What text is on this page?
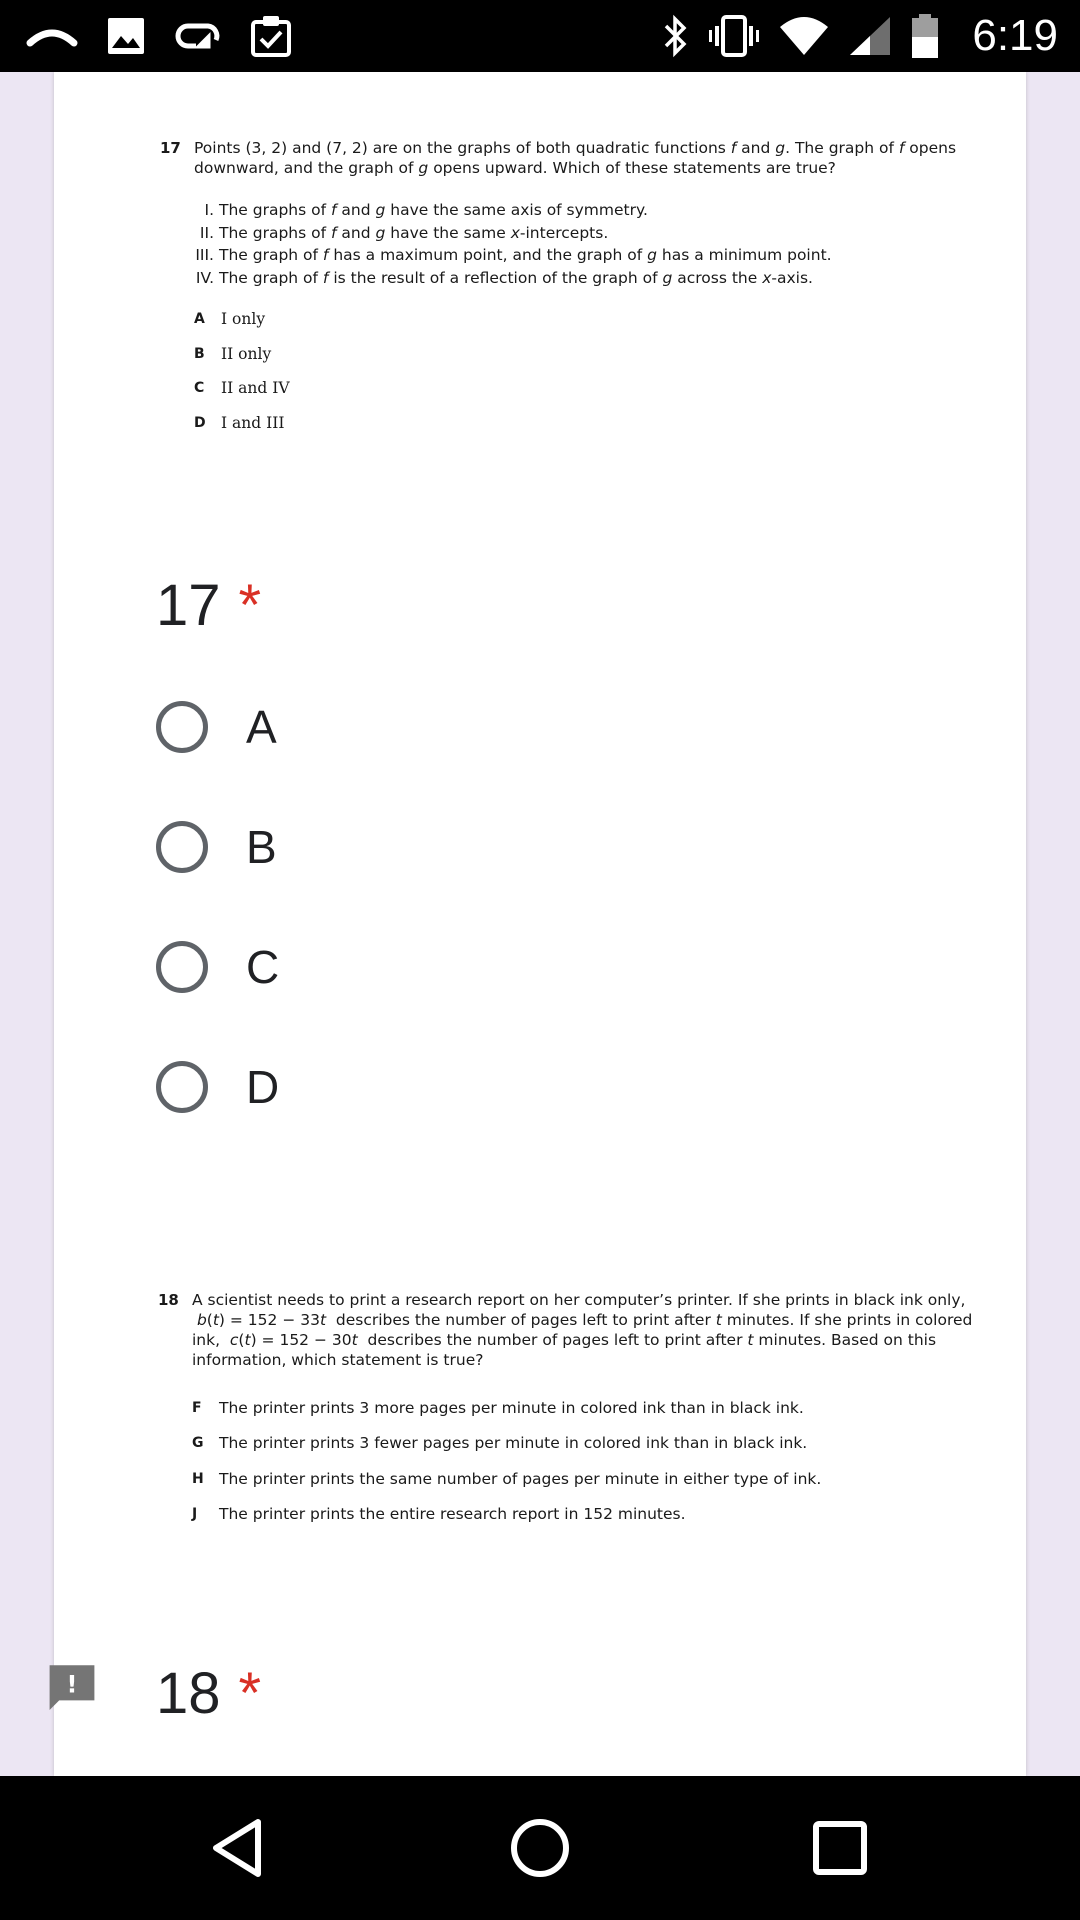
6:19
17 Points (3, 2) and (7, 2) are on the graphs of both quadratic functions f and g. The graph of f opens downward, and the graph of g opens upward. Which of these statements are true?
I. The graphs of f and g have the same axis of symmetry.
II. The graphs of f and g have the same x-intercepts.
III. The graph of f has a maximum point, and the graph of g has a minimum point.
IV. The graph of f is the result of a reflection of the graph of g across the x-axis.
A	I only
B	II only
C	II and IV
D I and III
17 *
A
B
C
D
18 A scientist needs to print a research report on her computer’s printer. If she prints in black ink only,  b(t) = 152 − 33t  describes the number of pages left to print after t minutes. If she prints in colored ink,  c(t) = 152 − 30t  describes the number of pages left to print after t minutes. Based on this information, which statement is true?
F	The printer prints 3 more pages per minute in colored ink than in black ink.
G	The printer prints 3 fewer pages per minute in colored ink than in black ink.
H The printer prints the same number of pages per minute in either type of ink.
J	The printer prints the entire research report in 152 minutes.
18 *
!
